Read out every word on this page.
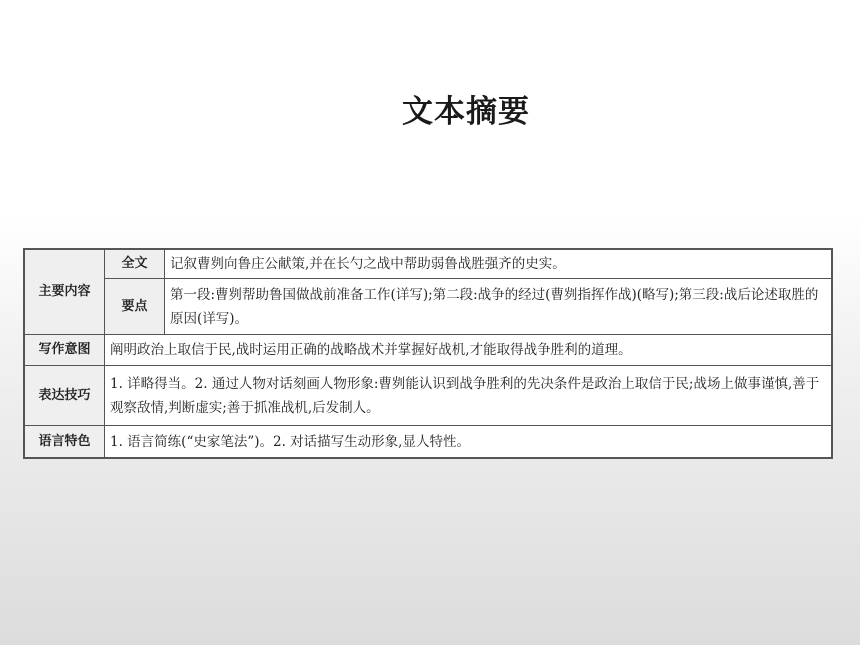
文本摘要
主要内容	全文	记叙曹刿向鲁庄公献策,并在长勺之战中帮助弱鲁战胜强齐的史实。
	要点	第一段:曹刿帮助鲁国做战前准备工作(详写);第二段:战争的经过(曹刿指挥作战)(略写);第三段:战后论述取胜的原因(详写)。
写作意图	阐明政治上取信于民,战时运用正确的战略战术并掌握好战机,才能取得战争胜利的道理。	
表达技巧	1. 详略得当。2. 通过人物对话刻画人物形象:曹刿能认识到战争胜利的先决条件是政治上取信于民;战场上做事谨慎,善于观察敌情,判断虚实;善于抓准战机,后发制人。	
语言特色	1. 语言简练(“史家笔法”)。2. 对话描写生动形象,显人特性。	
